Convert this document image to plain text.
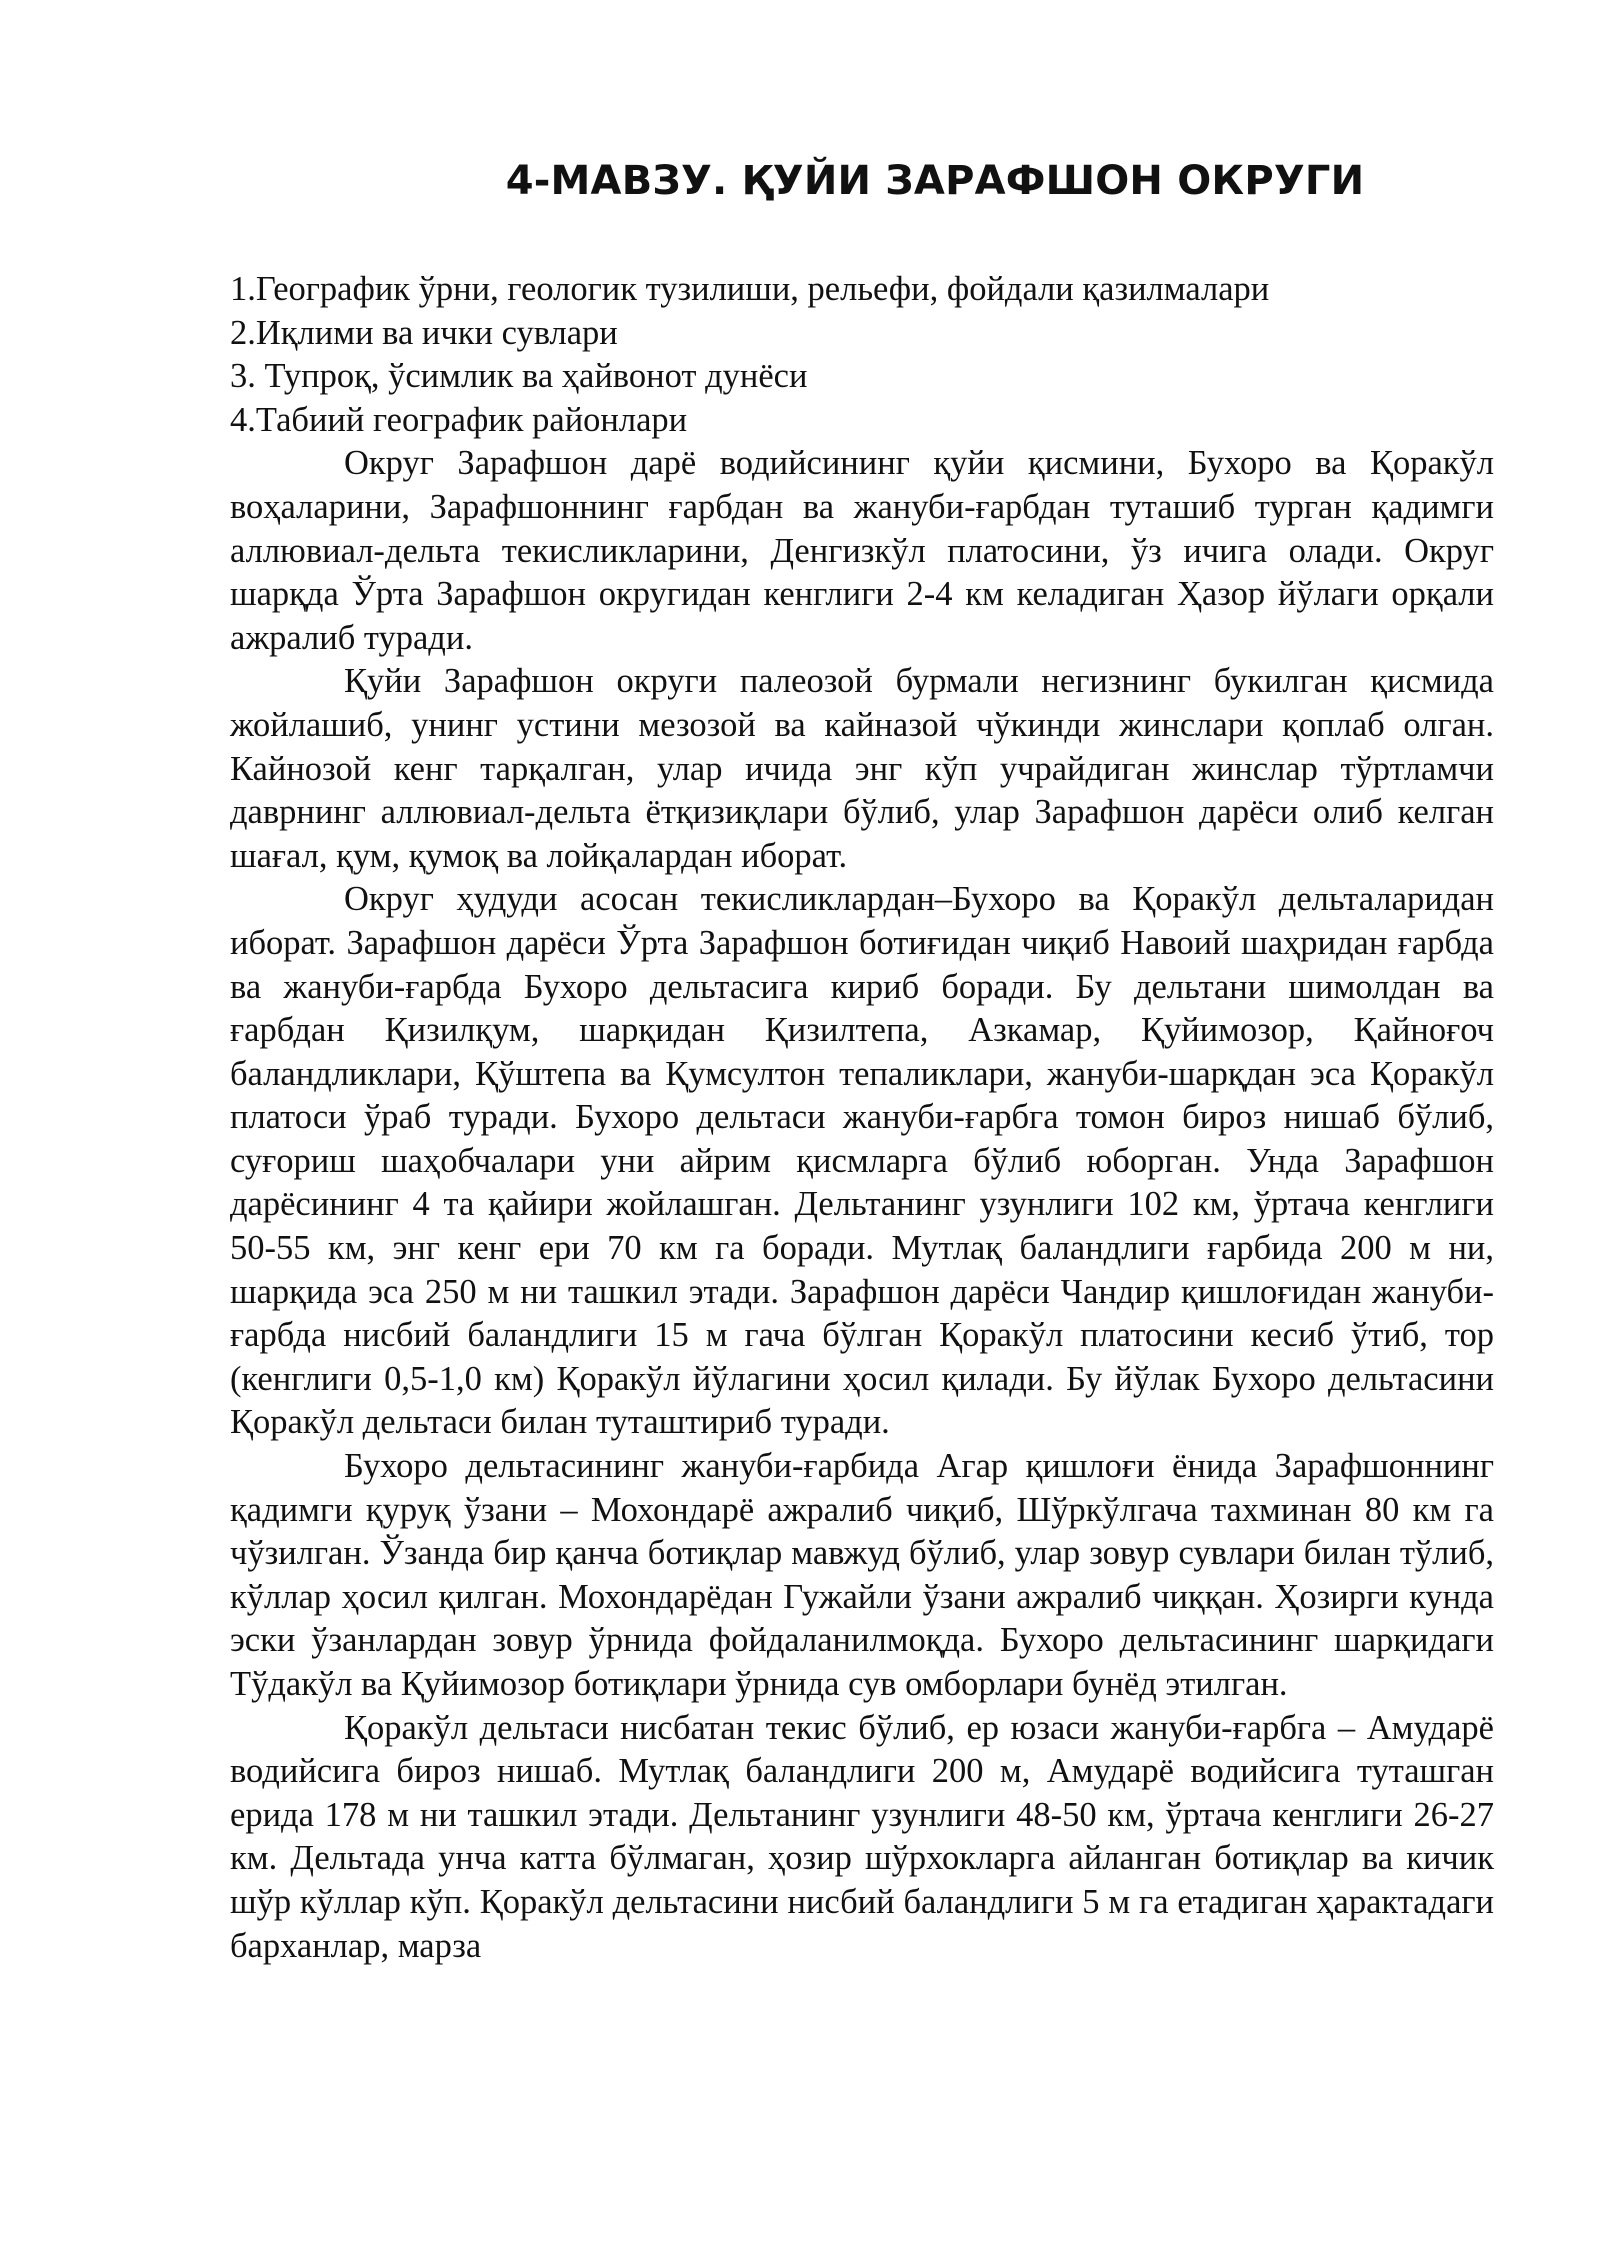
4-МАВЗУ. ҚУЙИ ЗАРАФШОН ОКРУГИ

1.Географик ўрни, геологик тузилиши, рельефи, фойдали қазилмалари

2.Иқлими ва ички сувлари

3. Тупроқ, ўсимлик ва ҳайвонот дунёси

4.Табиий географик районлари

Округ Зарафшон дарё водийсининг қуйи қисмини, Бухоро ва Қоракўл воҳаларини, Зарафшоннинг ғарбдан ва жануби-ғарбдан туташиб турган қадимги аллювиал-дельта текисликларини, Денгизкўл платосини, ўз ичига олади. Округ шарқда Ўрта Зарафшон округидан кенглиги 2-4 км келадиган Ҳазор йўлаги орқали ажралиб туради.

Қуйи Зарафшон округи палеозой бурмали негизнинг букилган қисмида жойлашиб, унинг устини мезозой ва кайназой чўкинди жинслари қоплаб олган. Кайнозой кенг тарқалган, улар ичида энг кўп учрайдиган жинслар тўртламчи даврнинг аллювиал-дельта ётқизиқлари бўлиб, улар Зарафшон дарёси олиб келган шағал, қум, қумоқ ва лойқалардан иборат.

Округ ҳудуди асосан текисликлардан–Бухоро ва Қоракўл дельталаридан иборат. Зарафшон дарёси Ўрта Зарафшон ботиғидан чиқиб Навоий шаҳридан ғарбда ва жануби-ғарбда Бухоро дельтасига кириб боради. Бу дельтани шимолдан ва ғарбдан Қизилқум, шарқидан Қизилтепа, Азкамар, Қуйимозор, Қайноғоч баландликлари, Қўштепа ва Қумсултон тепаликлари, жануби-шарқдан эса Қоракўл платоси ўраб туради. Бухоро дельтаси жануби-ғарбга томон бироз нишаб бўлиб, суғориш шаҳобчалари уни айрим қисмларга бўлиб юборган. Унда Зарафшон дарёсининг 4 та қайири жойлашган. Дельтанинг узунлиги 102 км, ўртача кенглиги 50-55 км, энг кенг ери 70 км га боради. Мутлақ баландлиги ғарбида 200 м ни, шарқида эса 250 м ни ташкил этади. Зарафшон дарёси Чандир қишлоғидан жануби-ғарбда нисбий баландлиги 15 м гача бўлган Қоракўл платосини кесиб ўтиб, тор (кенглиги 0,5-1,0 км) Қоракўл йўлагини ҳосил қилади. Бу йўлак Бухоро дельтасини Қоракўл дельтаси билан туташтириб туради.

Бухоро дельтасининг жануби-ғарбида Агар қишлоғи ёнида Зарафшоннинг қадимги қуруқ ўзани – Мохондарё ажралиб чиқиб, Шўркўлгача тахминан 80 км га чўзилган. Ўзанда бир қанча ботиқлар мавжуд бўлиб, улар зовур сувлари билан тўлиб, кўллар ҳосил қилган. Мохондарёдан Гужайли ўзани ажралиб чиққан. Ҳозирги кунда эски ўзанлардан зовур ўрнида фойдаланилмоқда. Бухоро дельтасининг шарқидаги Тўдакўл ва Қуйимозор ботиқлари ўрнида сув омборлари бунёд этилган.

Қоракўл дельтаси нисбатан текис бўлиб, ер юзаси жануби-ғарбга – Амударё водийсига бироз нишаб. Мутлақ баландлиги 200 м, Амударё водийсига туташган ерида 178 м ни ташкил этади. Дельтанинг узунлиги 48-50 км, ўртача кенглиги 26-27 км. Дельтада унча катта бўлмаган, ҳозир шўрхокларга айланган ботиқлар ва кичик шўр кўллар кўп. Қоракўл дельтасини нисбий баландлиги 5 м га етадиган ҳарактадаги барханлар, марза
